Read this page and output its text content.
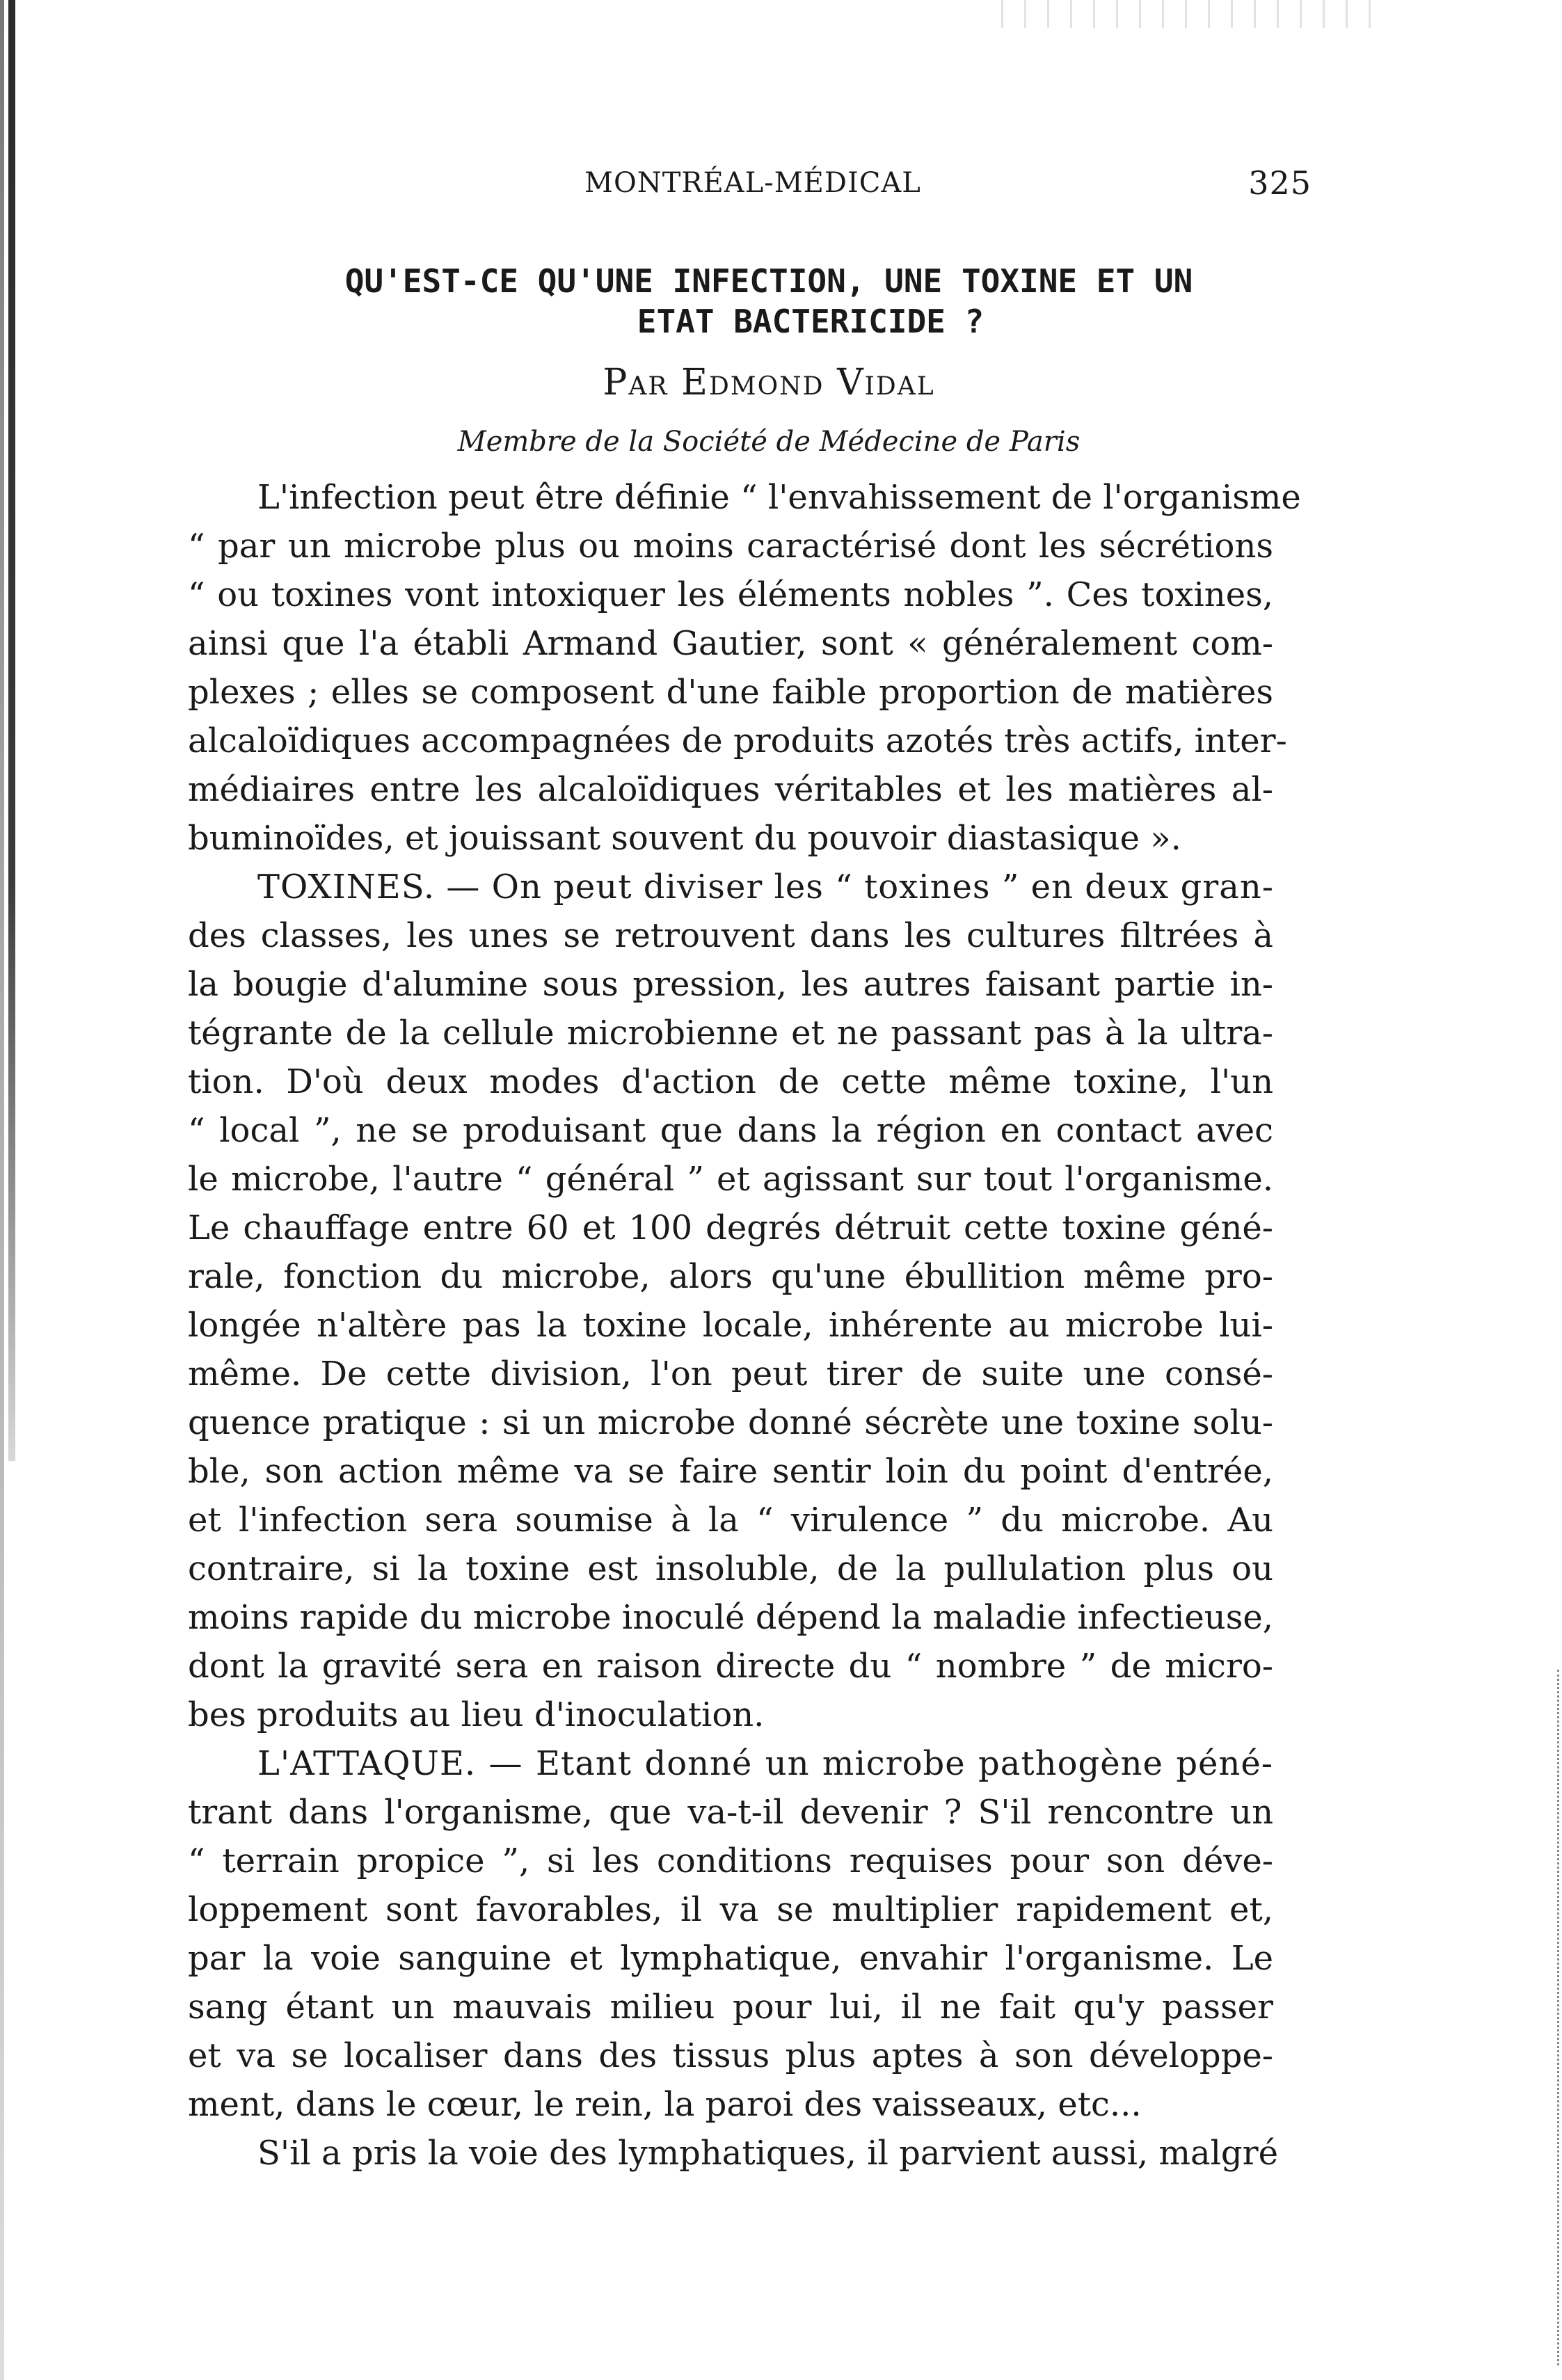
MONTRÉAL-MÉDICAL	325
QU'EST-CE QU'UNE INFECTION, UNE TOXINE ET UN
ETAT BACTERICIDE ?
Par Edmond Vidal
Membre de la Société de Médecine de Paris
L'infection peut être définie “ l'envahissement de l'organisme
“ par un microbe plus ou moins caractérisé dont les sécrétions
“ ou toxines vont intoxiquer les éléments nobles ”. Ces toxines,
ainsi que l'a établi Armand Gautier, sont « généralement com-
plexes ; elles se composent d'une faible proportion de matières
alcaloïdiques accompagnées de produits azotés très actifs, inter-
médiaires entre les alcaloïdiques véritables et les matières al-
buminoïdes, et jouissant souvent du pouvoir diastasique ».
TOXINES. — On peut diviser les “ toxines ” en deux gran-
des classes, les unes se retrouvent dans les cultures filtrées à
la bougie d'alumine sous pression, les autres faisant partie in-
tégrante de la cellule microbienne et ne passant pas à la ultra-
tion. D'où deux modes d'action de cette même toxine, l'un
“ local ”, ne se produisant que dans la région en contact avec
le microbe, l'autre “ général ” et agissant sur tout l'organisme.
Le chauffage entre 60 et 100 degrés détruit cette toxine géné-
rale, fonction du microbe, alors qu'une ébullition même pro-
longée n'altère pas la toxine locale, inhérente au microbe lui-
même. De cette division, l'on peut tirer de suite une consé-
quence pratique : si un microbe donné sécrète une toxine solu-
ble, son action même va se faire sentir loin du point d'entrée,
et l'infection sera soumise à la “ virulence ” du microbe. Au
contraire, si la toxine est insoluble, de la pullulation plus ou
moins rapide du microbe inoculé dépend la maladie infectieuse,
dont la gravité sera en raison directe du “ nombre ” de micro-
bes produits au lieu d'inoculation.
L'ATTAQUE. — Etant donné un microbe pathogène péné-
trant dans l'organisme, que va-t-il devenir ? S'il rencontre un
“ terrain propice ”, si les conditions requises pour son déve-
loppement sont favorables, il va se multiplier rapidement et,
par la voie sanguine et lymphatique, envahir l'organisme. Le
sang étant un mauvais milieu pour lui, il ne fait qu'y passer
et va se localiser dans des tissus plus aptes à son développe-
ment, dans le cœur, le rein, la paroi des vaisseaux, etc...
S'il a pris la voie des lymphatiques, il parvient aussi, malgré
